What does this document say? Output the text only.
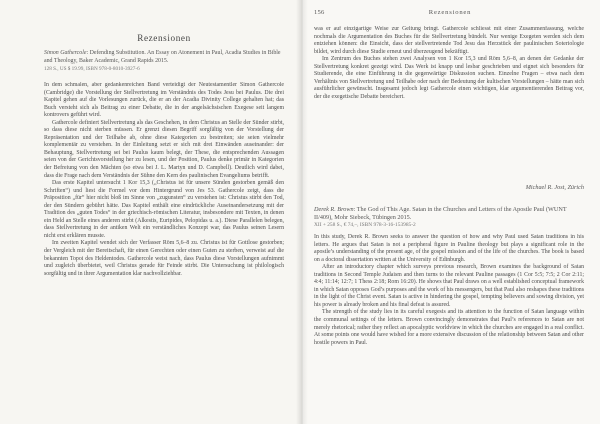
Rezensionen
Simon Gathercole: Defending Substitution. An Essay on Atonement in Paul, Acadia Studies in Bible and Theology, Baker Academic, Grand Rapids 2015.
128 S., US $ 19.99, ISBN 978-0-8010-3927-6

In dem schmalen, aber gedankenreichen Band verteidigt der Neutestamentler Simon Gathercole (Cambridge) die Vorstellung der Stellvertretung im Verständnis des Todes Jesu bei Paulus. Die drei Kapitel gehen auf die Vorlesungen zurück, die er an der Acadia Divinity College gehalten hat; das Buch versteht sich als Beitrag zu einer Debatte, die in der angelsächsischen Exegese seit langem kontrovers geführt wird.

Gathercole definiert Stellvertretung als das Geschehen, in dem Christus an Stelle der Sünder stirbt, so dass diese nicht sterben müssen. Er grenzt diesen Begriff sorgfältig von der Vorstellung der Repräsentation und der Teilhabe ab, ohne diese Kategorien zu bestreiten; sie seien vielmehr komplementär zu verstehen. In der Einleitung setzt er sich mit drei Einwänden auseinander: der Behauptung, Stellvertretung sei bei Paulus kaum belegt, der These, die entsprechenden Aussagen seien von der Gerichtsvorstellung her zu lesen, und der Position, Paulus denke primär in Kategorien der Befreiung von den Mächten (so etwa bei J. L. Martyn und D. Campbell). Deutlich wird dabei, dass die Frage nach dem Verständnis der Sühne den Kern des paulinischen Evangeliums betrifft.

Das erste Kapitel untersucht 1 Kor 15,3 („Christus ist für unsere Sünden gestorben gemäß den Schriften“) und liest die Formel vor dem Hintergrund von Jes 53. Gathercole zeigt, dass die Präposition „für“ hier nicht bloß im Sinne von „zugunsten“ zu verstehen ist: Christus stirbt den Tod, der den Sündern gebührt hätte. Das Kapitel enthält eine eindrückliche Auseinandersetzung mit der Tradition des „guten Todes“ in der griechisch-römischen Literatur, insbesondere mit Texten, in denen ein Held an Stelle eines anderen stirbt (Alkestis, Euripides, Pelopidas u. a.). Diese Parallelen belegen, dass Stellvertretung in der antiken Welt ein verständliches Konzept war, das Paulus seinen Lesern nicht erst erklären musste.

Im zweiten Kapitel wendet sich der Verfasser Röm 5,6–8 zu. Christus ist für Gottlose gestorben; der Vergleich mit der Bereitschaft, für einen Gerechten oder einen Guten zu sterben, verweist auf die bekannten Topoi des Heldentodes. Gathercole weist nach, dass Paulus diese Vorstellungen aufnimmt und zugleich überbietet, weil Christus gerade für Feinde stirbt. Die Untersuchung ist philologisch sorgfältig und in ihrer Argumentation klar nachvollziehbar.

156	Rezensionen

was er auf einzigartige Weise zur Geltung bringt. Gathercole schliesst mit einer Zusammenfassung, welche nochmals die Argumentation des Buches für die Stellvertretung bündelt. Nur wenige Exegeten werden sich dem entziehen können: die Einsicht, dass der stellvertretende Tod Jesu das Herzstück der paulinischen Soteriologie bildet, wird durch diese Studie erneut und überzeugend bekräftigt.

Im Zentrum des Buches stehen zwei Analysen von 1 Kor 15,3 und Röm 5,6–8, an denen der Gedanke der Stellvertretung konkret gezeigt wird. Das Werk ist knapp und lesbar geschrieben und eignet sich besonders für Studierende, die eine Einführung in die gegenwärtige Diskussion suchen. Einzelne Fragen – etwa nach dem Verhältnis von Stellvertretung und Teilhabe oder nach der Bedeutung der kultischen Vorstellungen – hätte man sich ausführlicher gewünscht. Insgesamt jedoch legt Gathercole einen wichtigen, klar argumentierenden Beitrag vor, der die exegetische Debatte bereichert.

Michael R. Jost, Zürich
Derek R. Brown: The God of This Age. Satan in the Churches and Letters of the Apostle Paul (WUNT II/409), Mohr Siebeck, Tübingen 2015.
XII + 258 S., € 74,–, ISBN 978-3-16-153985-2

In this study, Derek R. Brown seeks to answer the question of how and why Paul used Satan traditions in his letters. He argues that Satan is not a peripheral figure in Pauline theology but plays a significant role in the apostle’s understanding of the present age, of the gospel mission and of the life of the churches. The book is based on a doctoral dissertation written at the University of Edinburgh.

After an introductory chapter which surveys previous research, Brown examines the background of Satan traditions in Second Temple Judaism and then turns to the relevant Pauline passages (1 Cor 5:5; 7:5; 2 Cor 2:11; 4:4; 11:14; 12:7; 1 Thess 2:18; Rom 16:20). He shows that Paul draws on a well established conceptual framework in which Satan opposes God’s purposes and the work of his messengers, but that Paul also reshapes these traditions in the light of the Christ event. Satan is active in hindering the gospel, tempting believers and sowing division, yet his power is already broken and his final defeat is assured.

The strength of the study lies in its careful exegesis and its attention to the function of Satan language within the communal settings of the letters. Brown convincingly demonstrates that Paul’s references to Satan are not merely rhetorical; rather they reflect an apocalyptic worldview in which the churches are engaged in a real conflict. At some points one would have wished for a more extensive discussion of the relationship between Satan and other hostile powers in Paul.
